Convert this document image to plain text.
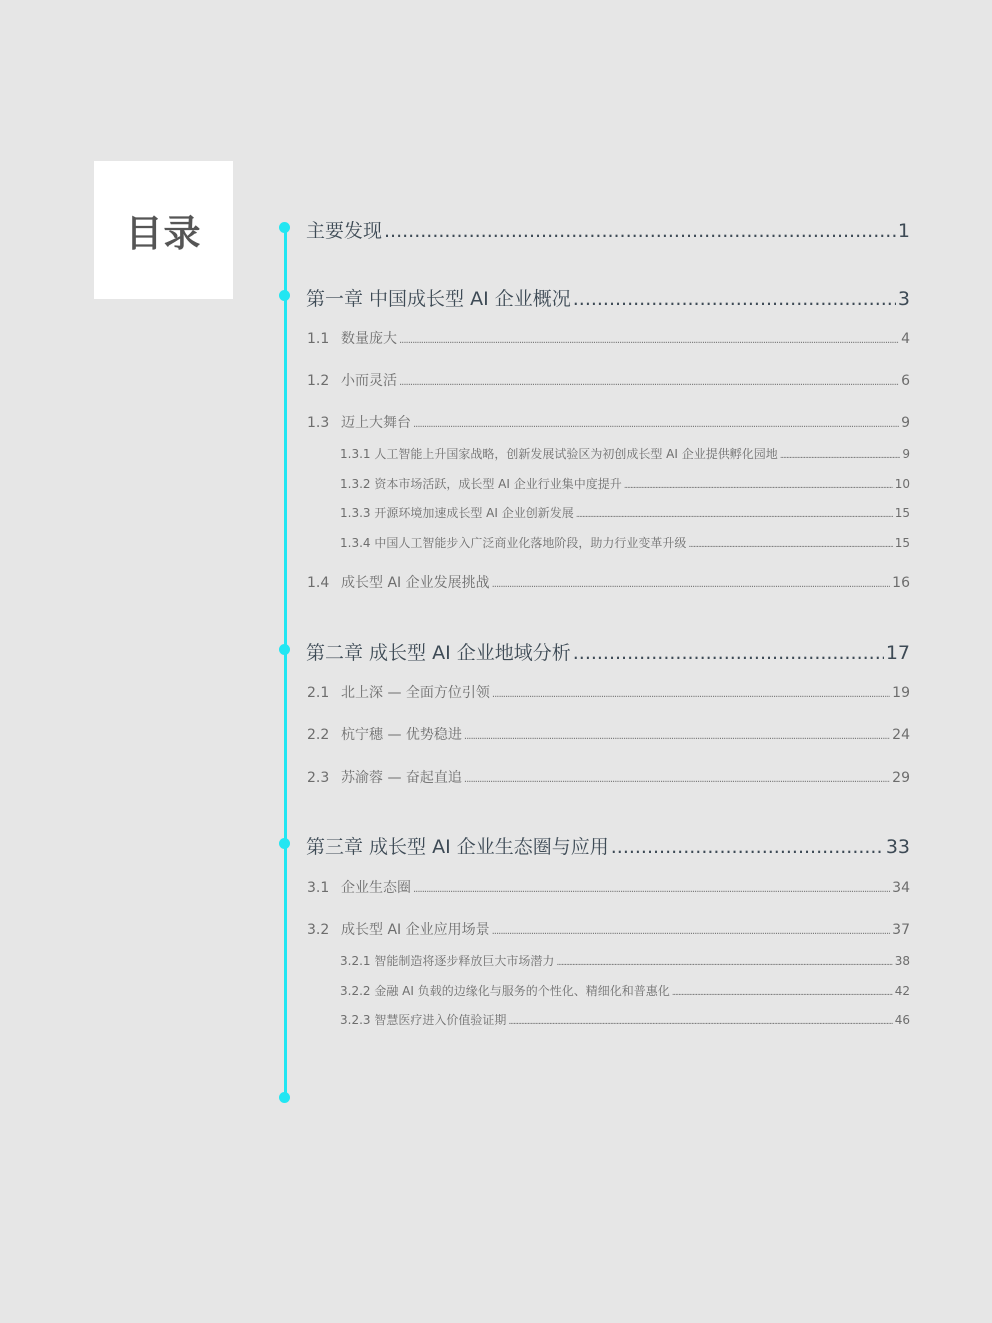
目录	主要发现 .....	1
第一章 中国成长型 AI 企业概况 .....	3
1.1 数量庞大 .....	4
1.2 小而灵活 .....	6
1.3 迈上大舞台 .....	9
1.3.1 人工智能上升国家战略，创新发展试验区为初创成长型 AI 企业提供孵化园地 .....	9
1.3.2 资本市场活跃，成长型 AI 企业行业集中度提升 .....	10
1.3.3 开源环境加速成长型 AI 企业创新发展 .....	15
1.3.4 中国人工智能步入广泛商业化落地阶段，助力行业变革升级 .....	15
1.4 成长型 AI 企业发展挑战 .....	16
第二章 成长型 AI 企业地域分析 .....	17
2.1 北上深 — 全面方位引领 .....	19
2.2 杭宁穗 — 优势稳进 .....	24
2.3 苏渝蓉 — 奋起直追 .....	29
第三章 成长型 AI 企业生态圈与应用 .....	33
3.1 企业生态圈 .....	34
3.2 成长型 AI 企业应用场景 .....	37
3.2.1 智能制造将逐步释放巨大市场潜力 .....	38
3.2.2 金融 AI 负载的边缘化与服务的个性化、精细化和普惠化 .....	42
3.2.3 智慧医疗进入价值验证期 .....	46
